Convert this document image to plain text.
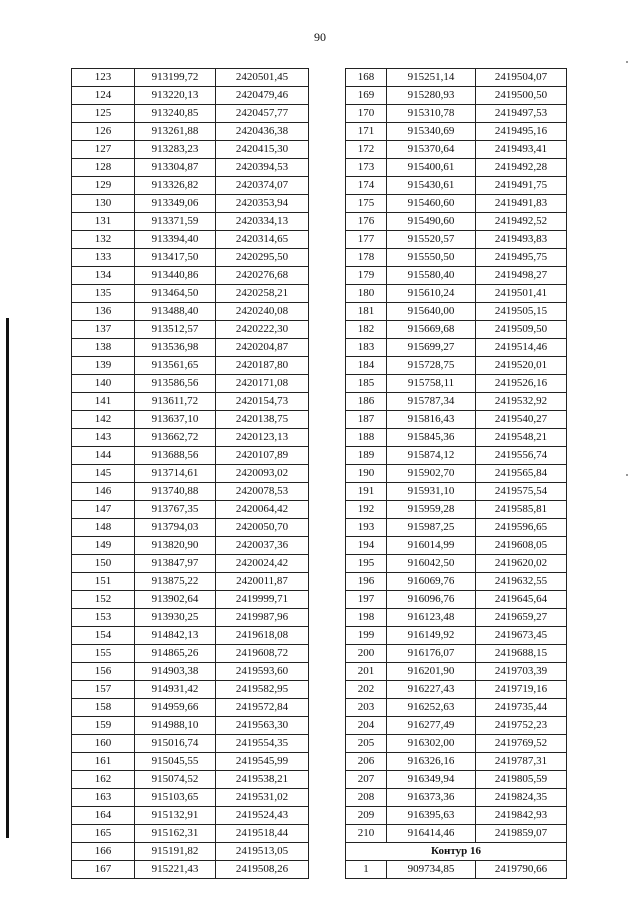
90
123	913199,72	2420501,45
124	913220,13	2420479,46
125	913240,85	2420457,77
126	913261,88	2420436,38
127	913283,23	2420415,30
128	913304,87	2420394,53
129	913326,82	2420374,07
130	913349,06	2420353,94
131	913371,59	2420334,13
132	913394,40	2420314,65
133	913417,50	2420295,50
134	913440,86	2420276,68
135	913464,50	2420258,21
136	913488,40	2420240,08
137	913512,57	2420222,30
138	913536,98	2420204,87
139	913561,65	2420187,80
140	913586,56	2420171,08
141	913611,72	2420154,73
142	913637,10	2420138,75
143	913662,72	2420123,13
144	913688,56	2420107,89
145	913714,61	2420093,02
146	913740,88	2420078,53
147	913767,35	2420064,42
148	913794,03	2420050,70
149	913820,90	2420037,36
150	913847,97	2420024,42
151	913875,22	2420011,87
152	913902,64	2419999,71
153	913930,25	2419987,96
154	914842,13	2419618,08
155	914865,26	2419608,72
156	914903,38	2419593,60
157	914931,42	2419582,95
158	914959,66	2419572,84
159	914988,10	2419563,30
160	915016,74	2419554,35
161	915045,55	2419545,99
162	915074,52	2419538,21
163	915103,65	2419531,02
164	915132,91	2419524,43
165	915162,31	2419518,44
166	915191,82	2419513,05
167	915221,43	2419508,26
168	915251,14	2419504,07
169	915280,93	2419500,50
170	915310,78	2419497,53
171	915340,69	2419495,16
172	915370,64	2419493,41
173	915400,61	2419492,28
174	915430,61	2419491,75
175	915460,60	2419491,83
176	915490,60	2419492,52
177	915520,57	2419493,83
178	915550,50	2419495,75
179	915580,40	2419498,27
180	915610,24	2419501,41
181	915640,00	2419505,15
182	915669,68	2419509,50
183	915699,27	2419514,46
184	915728,75	2419520,01
185	915758,11	2419526,16
186	915787,34	2419532,92
187	915816,43	2419540,27
188	915845,36	2419548,21
189	915874,12	2419556,74
190	915902,70	2419565,84
191	915931,10	2419575,54
192	915959,28	2419585,81
193	915987,25	2419596,65
194	916014,99	2419608,05
195	916042,50	2419620,02
196	916069,76	2419632,55
197	916096,76	2419645,64
198	916123,48	2419659,27
199	916149,92	2419673,45
200	916176,07	2419688,15
201	916201,90	2419703,39
202	916227,43	2419719,16
203	916252,63	2419735,44
204	916277,49	2419752,23
205	916302,00	2419769,52
206	916326,16	2419787,31
207	916349,94	2419805,59
208	916373,36	2419824,35
209	916395,63	2419842,93
210	916414,46	2419859,07
Контур 16		
1	909734,85	2419790,66
